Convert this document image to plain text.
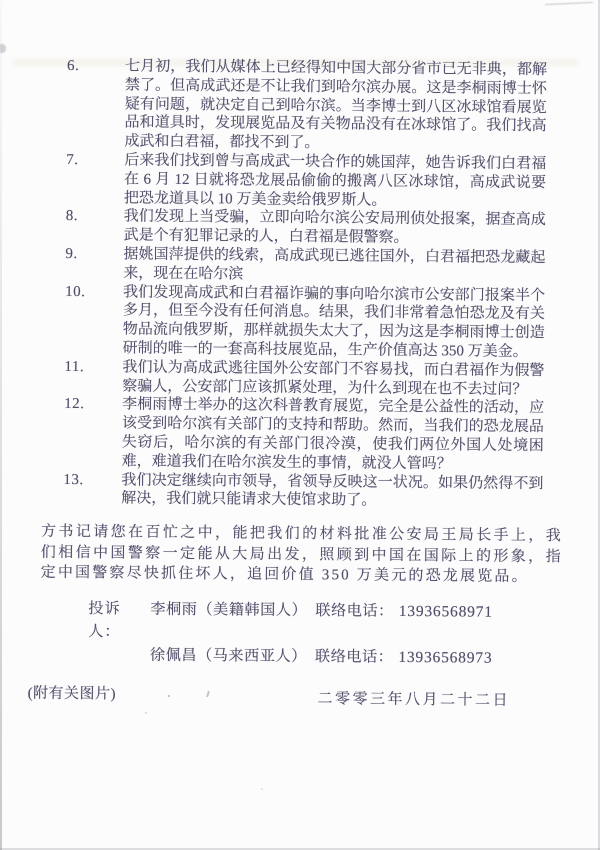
6.	七月初，我们从媒体上已经得知中国大部分省市已无非典，都解禁了。但高成武还是不让我们到哈尔滨办展。这是李桐雨博士怀疑有问题，就决定自己到哈尔滨。当李博士到八区冰球馆看展览品和道具时，发现展览品及有关物品没有在冰球馆了。我们找高成武和白君福，都找不到了。
7.	后来我们找到曾与高成武一块合作的姚国萍，她告诉我们白君福在 6 月 12 日就将恐龙展品偷偷的搬离八区冰球馆，高成武说要把恐龙道具以 10 万美金卖给俄罗斯人。
8.	我们发现上当受骗，立即向哈尔滨公安局刑侦处报案，据查高成武是个有犯罪记录的人，白君福是假警察。
9.	据姚国萍提供的线索，高成武现已逃往国外，白君福把恐龙藏起来，现在在哈尔滨
10.	我们发现高成武和白君福诈骗的事向哈尔滨市公安部门报案半个多月，但至今没有任何消息。结果，我们非常着急怕恐龙及有关物品流向俄罗斯，那样就损失太大了，因为这是李桐雨博士创造研制的唯一的一套高科技展览品，生产价值高达 350 万美金。
11.	我们认为高成武逃往国外公安部门不容易找，而白君福作为假警察骗人，公安部门应该抓紧处理，为什么到现在也不去过问？
12.	李桐雨博士举办的这次科普教育展览，完全是公益性的活动，应该受到哈尔滨有关部门的支持和帮助。然而，当我们的恐龙展品失窃后，哈尔滨的有关部门很冷漠，使我们两位外国人处境困难，难道我们在哈尔滨发生的事情，就没人管吗？
13.	我们决定继续向市领导，省领导反映这一状况。如果仍然得不到解决，我们就只能请求大使馆求助了。

方书记请您在百忙之中，能把我们的材料批准公安局王局长手上，我们相信中国警察一定能从大局出发，照顾到中国在国际上的形象，指定中国警察尽快抓住坏人，追回价值 350 万美元的恐龙展览品。

投诉人：
李桐雨（美籍韩国人） 联络电话： 13936568971
徐佩昌（马来西亚人） 联络电话： 13936568973
(附有关图片)	二零零三年八月二十二日
